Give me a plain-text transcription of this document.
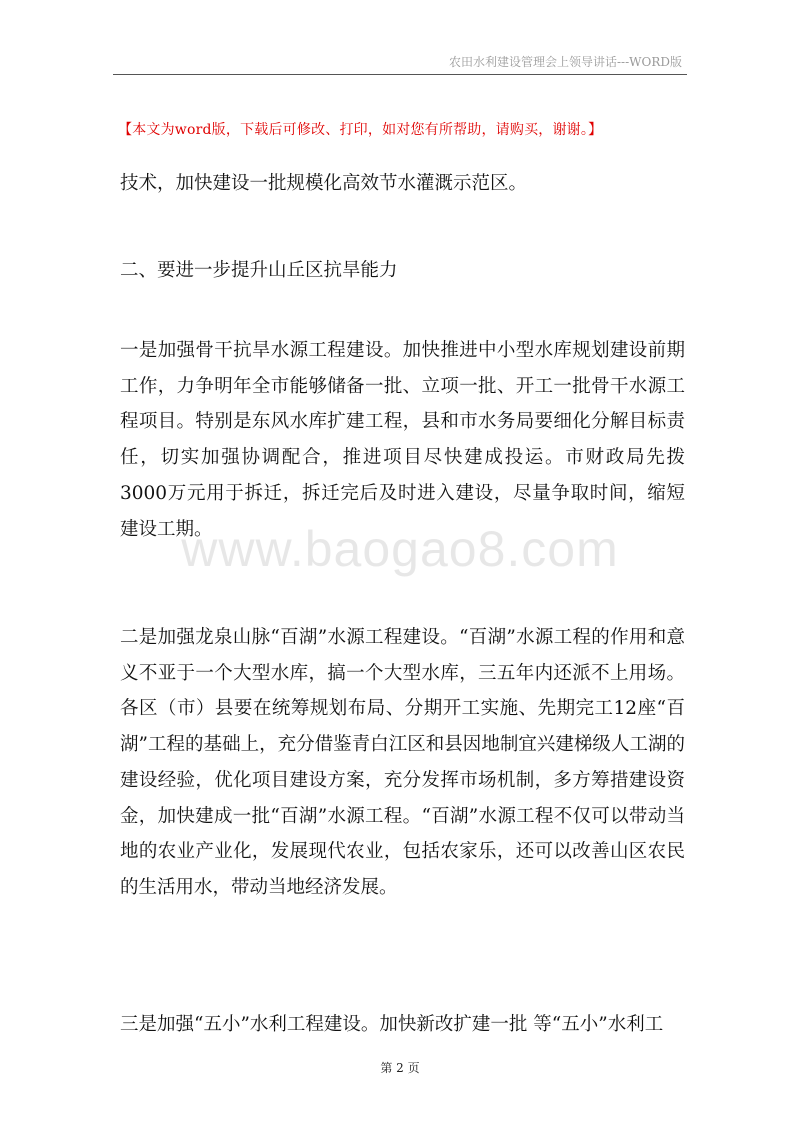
农田水利建设管理会上领导讲话---WORD版
【本文为word版，下载后可修改、打印，如对您有所帮助，请购买，谢谢。】

技术，加快建设一批规模化高效节水灌溉示范区。

二、要进一步提升山丘区抗旱能力

一是加强骨干抗旱水源工程建设。加快推进中小型水库规划建设前期工作，力争明年全市能够储备一批、立项一批、开工一批骨干水源工程项目。特别是东风水库扩建工程，县和市水务局要细化分解目标责任，切实加强协调配合，推进项目尽快建成投运。市财政局先拨3000万元用于拆迁，拆迁完后及时进入建设，尽量争取时间，缩短建设工期。

二是加强龙泉山脉“百湖”水源工程建设。“百湖”水源工程的作用和意义不亚于一个大型水库，搞一个大型水库，三五年内还派不上用场。各区（市）县要在统筹规划布局、分期开工实施、先期完工12座“百湖”工程的基础上，充分借鉴青白江区和县因地制宜兴建梯级人工湖的建设经验，优化项目建设方案，充分发挥市场机制，多方筹措建设资金，加快建成一批“百湖”水源工程。“百湖”水源工程不仅可以带动当地的农业产业化，发展现代农业，包括农家乐，还可以改善山区农民的生活用水，带动当地经济发展。

三是加强“五小”水利工程建设。加快新改扩建一批 等“五小”水利工

www.baogao8.com
第 2 页
